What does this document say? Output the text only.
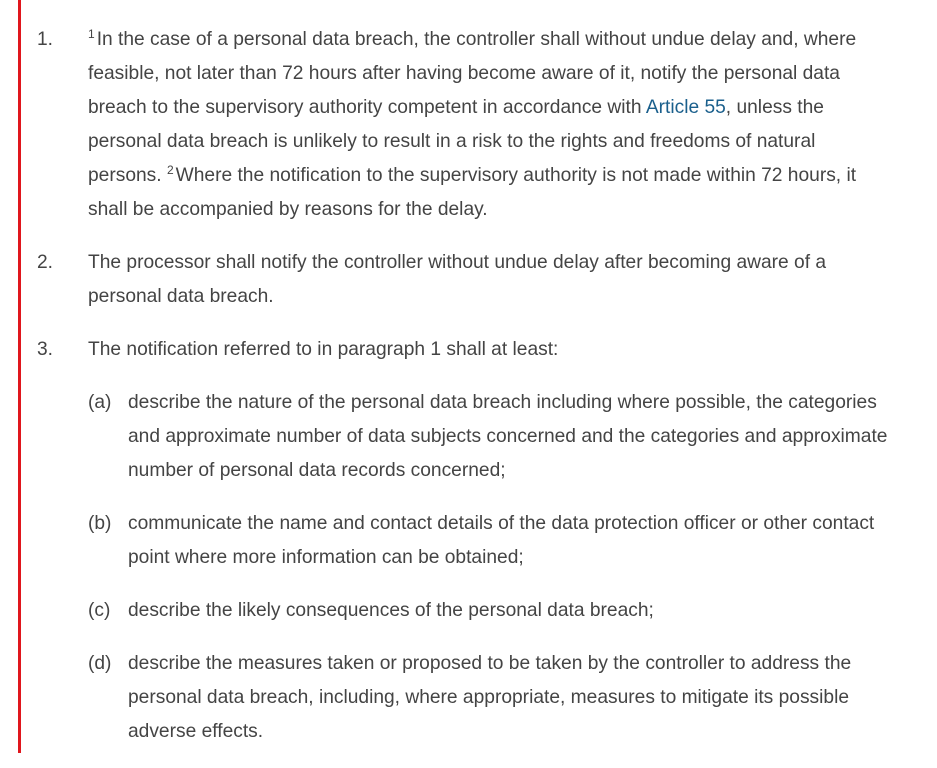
1.	$^1$ In the case of a personal data breach, the controller shall without undue delay and, where feasible, not later than 72 hours after having become aware of it, notify the personal data breach to the supervisory authority competent in accordance with Article 55, unless the personal data breach is unlikely to result in a risk to the rights and freedoms of natural persons. $^2$ Where the notification to the supervisory authority is not made within 72 hours, it shall be accompanied by reasons for the delay.
2. The processor shall notify the controller without undue delay after becoming aware of a personal data breach.
3. The notification referred to in paragraph 1 shall at least:
(a) describe the nature of the personal data breach including where possible, the categories and approximate number of data subjects concerned and the categories and approximate number of personal data records concerned;
(b) communicate the name and contact details of the data protection officer or other contact point where more information can be obtained;
(c) describe the likely consequences of the personal data breach;
(d) describe the measures taken or proposed to be taken by the controller to address the personal data breach, including, where appropriate, measures to mitigate its possible adverse effects.
